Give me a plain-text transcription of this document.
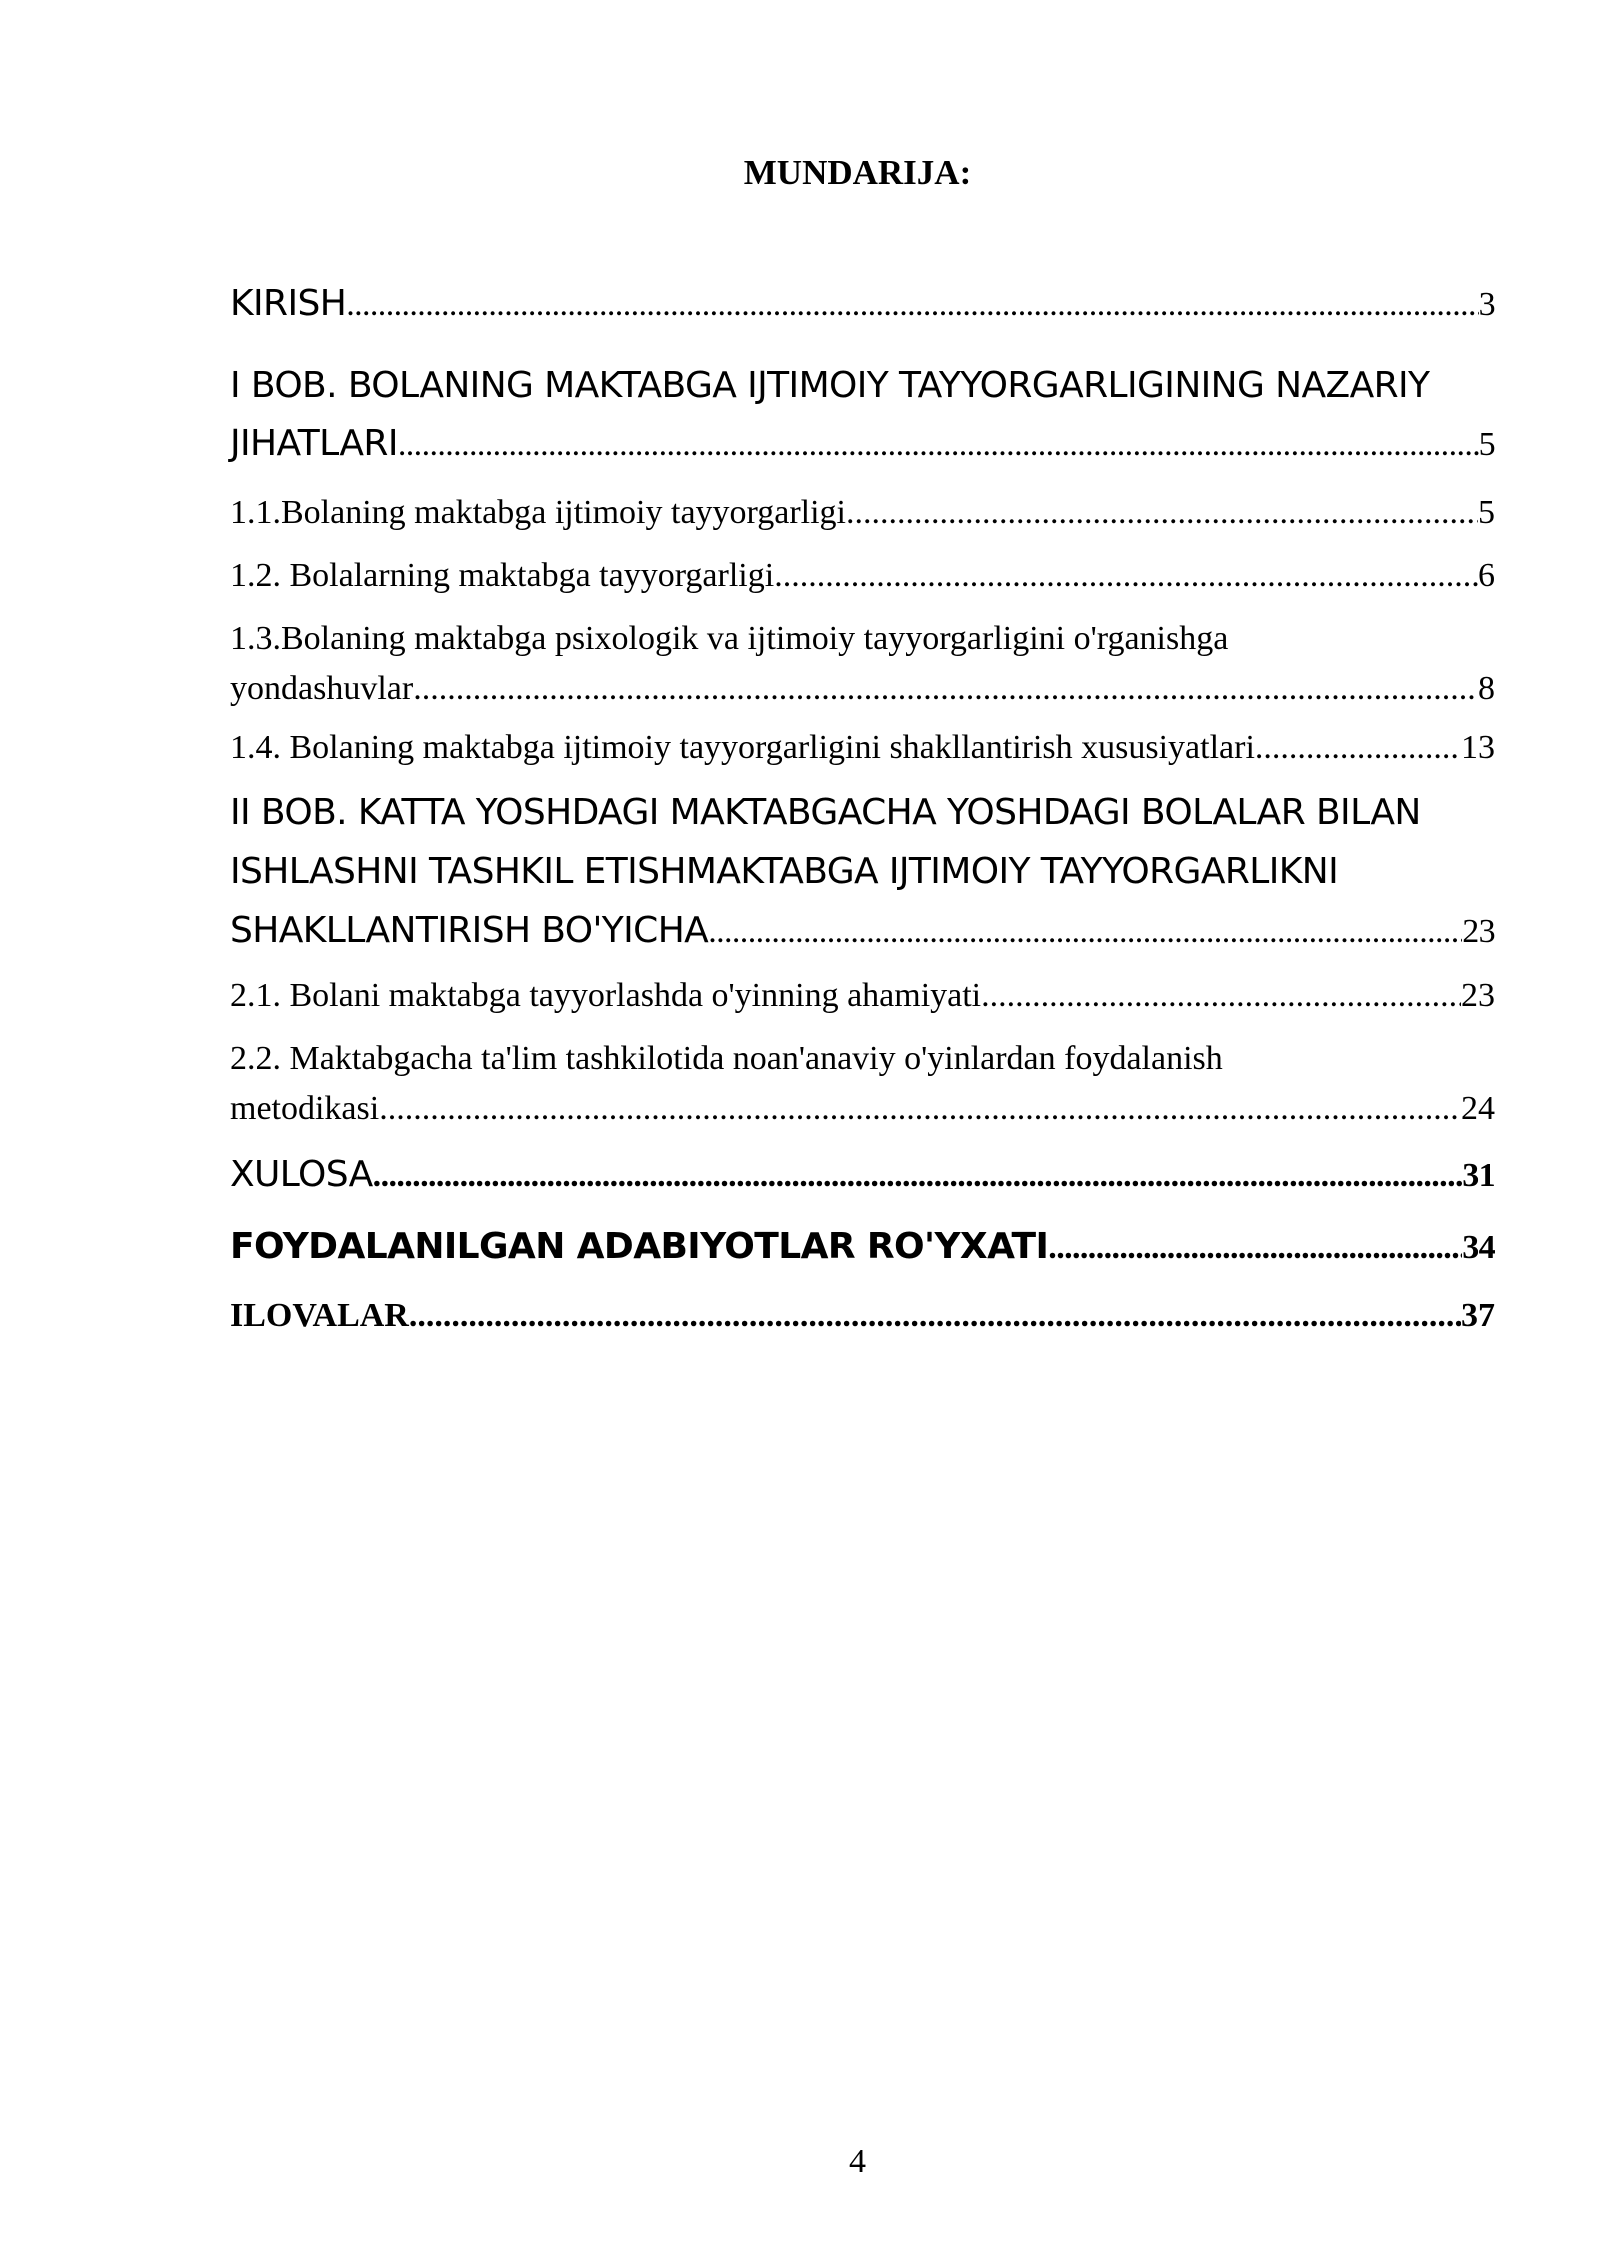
MUNDARIJA:
KIRISH .....	3
I BOB. BOLANING MAKTABGA IJTIMOIY TAYYORGARLIGINING NAZARIY
JIHATLARI .....	5
1.1.Bolaning maktabga ijtimoiy tayyorgarligi .....	5
1.2. Bolalarning maktabga tayyorgarligi .....	6
1.3.Bolaning maktabga psixologik va ijtimoiy tayyorgarligini o'rganishga
yondashuvlar .....	8
1.4. Bolaning maktabga ijtimoiy tayyorgarligini shakllantirish xususiyatlari .....	13
II BOB. KATTA YOSHDAGI MAKTABGACHA YOSHDAGI BOLALAR BILAN
ISHLASHNI TASHKIL ETISHMAKTABGA IJTIMOIY TAYYORGARLIKNI
SHAKLLANTIRISH BO'YICHA .....	23
2.1. Bolani maktabga tayyorlashda o'yinning ahamiyati .....	23
2.2. Maktabgacha ta'lim tashkilotida noan'anaviy o'yinlardan foydalanish
metodikasi .....	24
XULOSA .....	31
FOYDALANILGAN ADABIYOTLAR RO'YXATI .....	34
ILOVALAR .....	37
4
